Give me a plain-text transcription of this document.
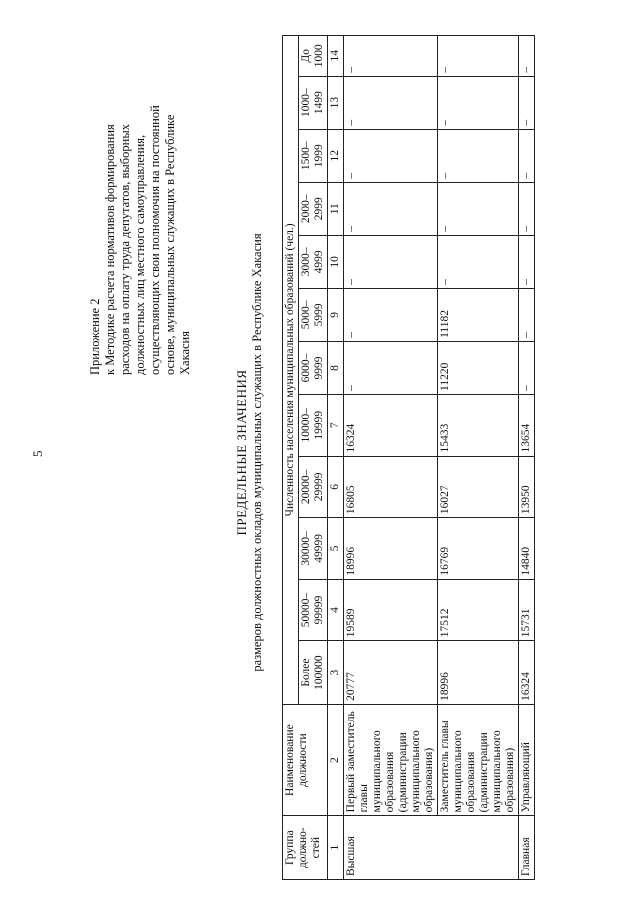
5
Приложение 2 к Методике расчета нормативов формирования расходов на оплату труда депутатов, выборных должностных лиц местного самоуправления, осуществляющих свои полномочия на постоянной основе, муниципальных служащих в Республике Хакасия
ПРЕДЕЛЬНЫЕ ЗНАЧЕНИЯ размеров должностных окладов муниципальных служащих в Республике Хакасия
Группа должно-стей	Наименование должности	Численность населения муниципальных образований (чел.)											
		Более 100000	50000–99999	30000–49999	20000–29999	10000–19999	6000–9999	5000–5999	3000–4999	2000–2999	1500–1999	1000–1499	До 1000
1	2	3	4	5	6	7	8	9	10	11	12	13	14
Высшая	Первый заместитель главы муниципального образования (администрации муниципального образования)	20777	19589	18996	16805	16324	–	–	–	–	–	–	–
	Заместитель главы муниципального образования (администрации муниципального образования)	18996	17512	16769	16027	15433	11220	11182	–	–	–	–	–
Главная	Управляющий	16324	15731	14840	13950	13654	–	–	–	–	–	–	–
